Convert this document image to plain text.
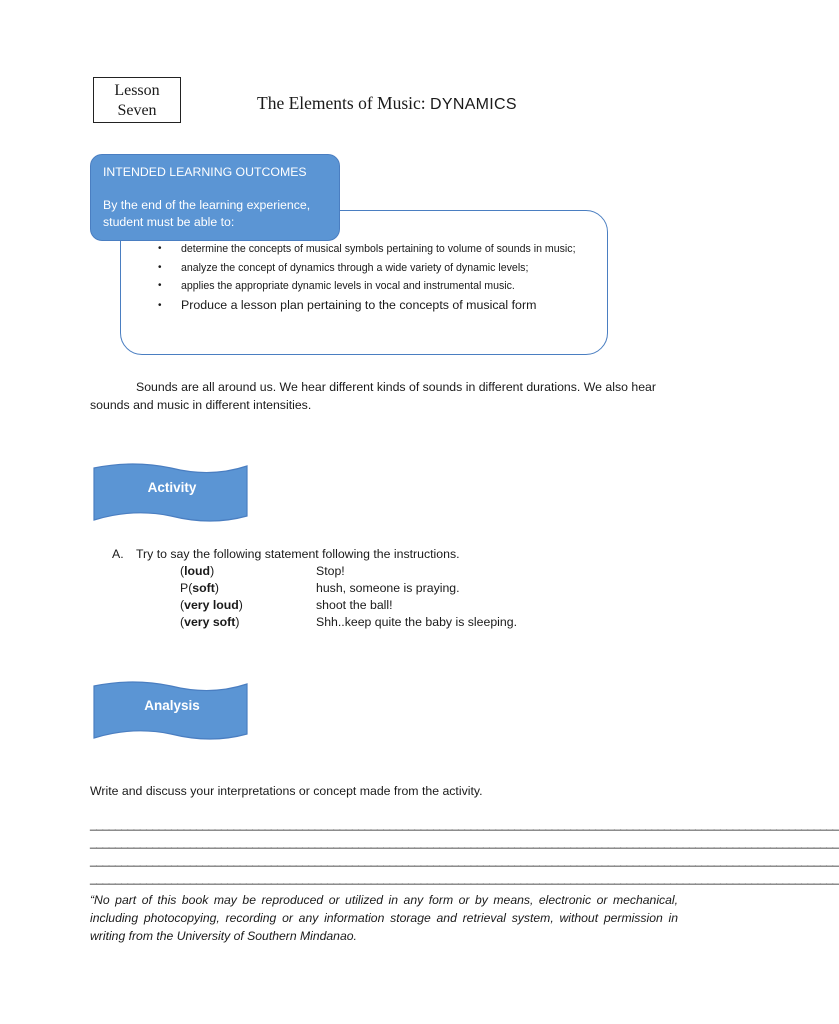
Lesson
Seven	The Elements of Music: DYNAMICS
INTENDED LEARNING OUTCOMES
By the end of the learning experience, student must be able to:
• determine the concepts of musical symbols pertaining to volume of sounds in music;
• analyze the concept of dynamics through a wide variety of dynamic levels;
• applies the appropriate dynamic levels in vocal and instrumental music.
• Produce a lesson plan pertaining to the concepts of musical form
Sounds are all around us. We hear different kinds of sounds in different durations. We also hear sounds and music in different intensities.
Activity
A. Try to say the following statement following the instructions.
(loud)	Stop!
P(soft)	hush, someone is praying.
(very loud)	shoot the ball!
(very soft)	Shh..keep quite the baby is sleeping.
Analysis
Write and discuss your interpretations or concept made from the activity.
________________________________________________________________________________________________________________________
________________________________________________________________________________________________________________________
________________________________________________________________________________________________________________________
________________________________________________________________________________________________________________________
“No part of this book may be reproduced or utilized in any form or by means, electronic or mechanical, including photocopying, recording or any information storage and retrieval system, without permission in writing from the University of Southern Mindanao.
